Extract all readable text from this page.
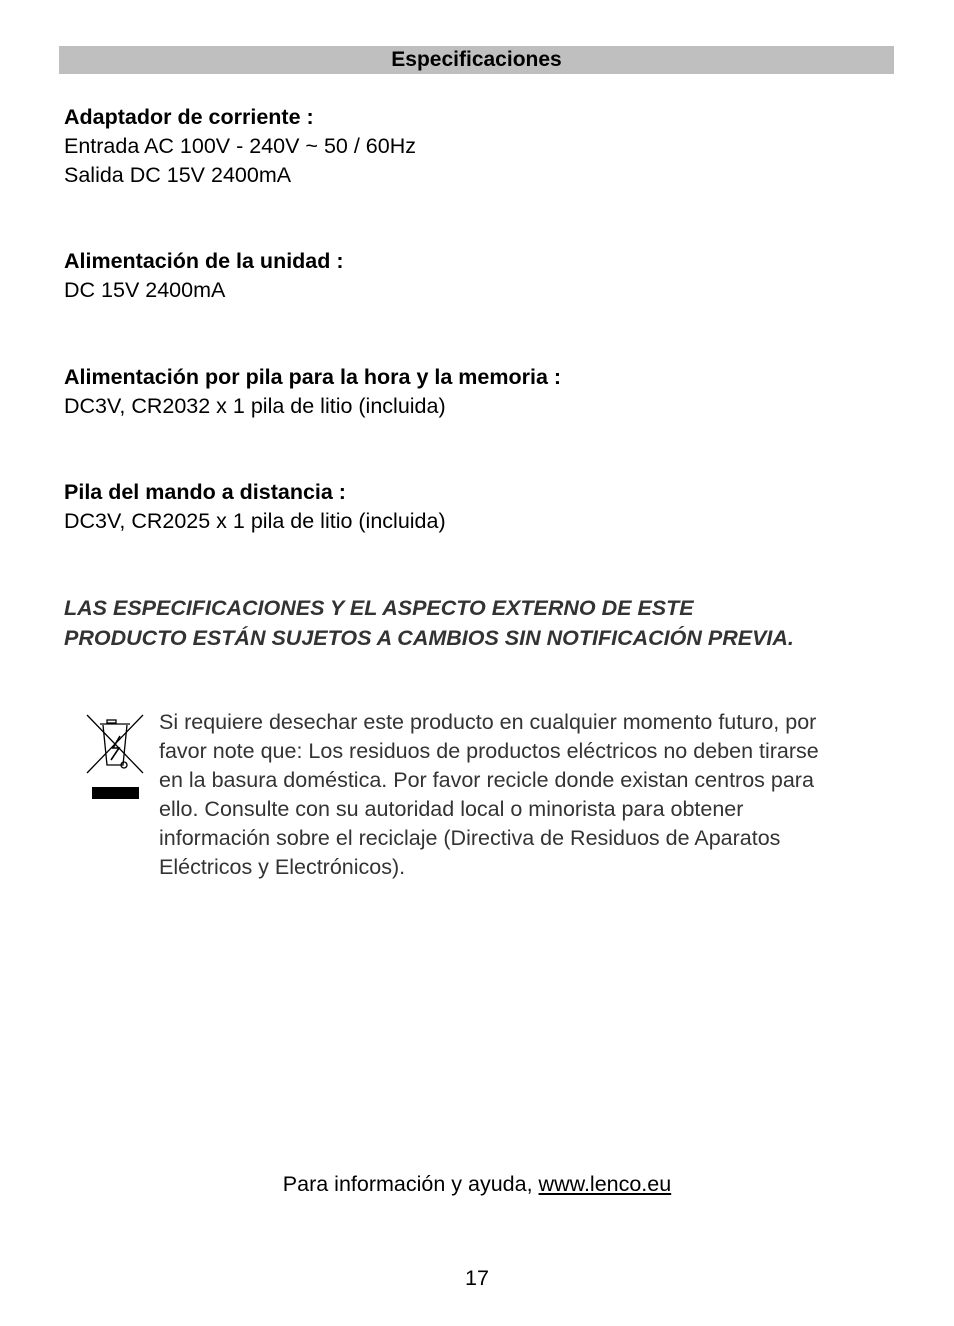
Especificaciones
Adaptador de corriente :
Entrada AC 100V - 240V ~ 50 / 60Hz
Salida DC 15V 2400mA
Alimentación de la unidad :
DC 15V 2400mA
Alimentación por pila para la hora y la memoria :
DC3V, CR2032 x 1 pila de litio (incluida)
Pila del mando a distancia :
DC3V, CR2025 x 1 pila de litio (incluida)
LAS ESPECIFICACIONES Y EL ASPECTO EXTERNO DE ESTE
PRODUCTO ESTÁN SUJETOS A CAMBIOS SIN NOTIFICACIÓN PREVIA.
Si requiere desechar este producto en cualquier momento futuro, por
favor note que: Los residuos de productos eléctricos no deben tirarse
en la basura doméstica. Por favor recicle donde existan centros para
ello. Consulte con su autoridad local o minorista para obtener
información sobre el reciclaje (Directiva de Residuos de Aparatos
Eléctricos y Electrónicos).
Para información y ayuda, www.lenco.eu
17
